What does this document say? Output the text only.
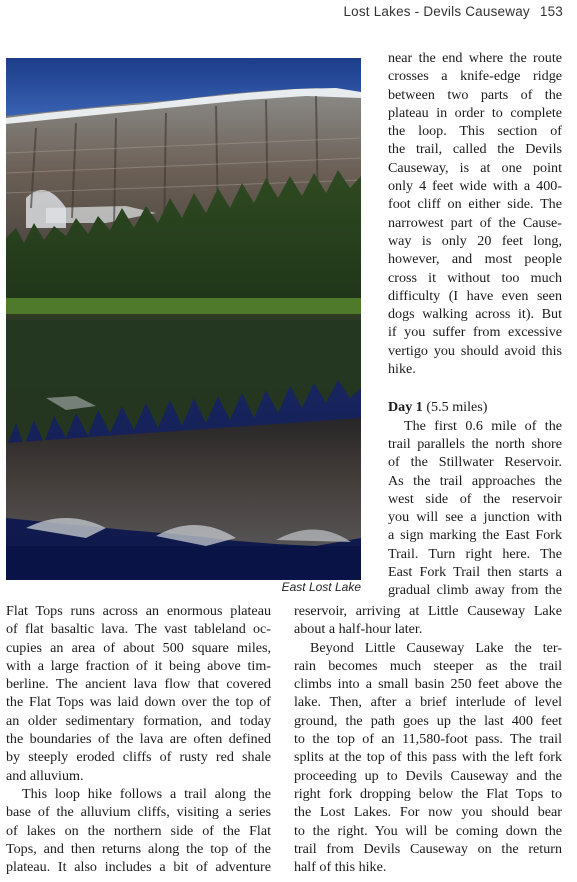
Lost Lakes - Devils Causeway 153
East Lost Lake
near the end where the route
crosses a knife-edge ridge
between two parts of the
plateau in order to complete
the loop. This section of
the trail, called the Devils
Causeway, is at one point
only 4 feet wide with a 400-
foot cliff on either side. The
narrowest part of the Cause-
way is only 20 feet long,
however, and most people
cross it without too much
difficulty (I have even seen
dogs walking across it). But
if you suffer from excessive
vertigo you should avoid this
hike.
Day 1 (5.5 miles)
The first 0.6 mile of the
trail parallels the north shore
of the Stillwater Reservoir.
As the trail approaches the
west side of the reservoir
you will see a junction with
a sign marking the East Fork
Trail. Turn right here. The
East Fork Trail then starts a
gradual climb away from the
Flat Tops runs across an enormous plateau
of flat basaltic lava. The vast tableland oc-
cupies an area of about 500 square miles,
with a large fraction of it being above tim-
berline. The ancient lava flow that covered
the Flat Tops was laid down over the top of
an older sedimentary formation, and today
the boundaries of the lava are often defined
by steeply eroded cliffs of rusty red shale
and alluvium.
This loop hike follows a trail along the
base of the alluvium cliffs, visiting a series
of lakes on the northern side of the Flat
Tops, and then returns along the top of the
plateau. It also includes a bit of adventure
reservoir, arriving at Little Causeway Lake
about a half-hour later.
Beyond Little Causeway Lake the ter-
rain becomes much steeper as the trail
climbs into a small basin 250 feet above the
lake. Then, after a brief interlude of level
ground, the path goes up the last 400 feet
to the top of an 11,580-foot pass. The trail
splits at the top of this pass with the left fork
proceeding up to Devils Causeway and the
right fork dropping below the Flat Tops to
the Lost Lakes. For now you should bear
to the right. You will be coming down the
trail from Devils Causeway on the return
half of this hike.
